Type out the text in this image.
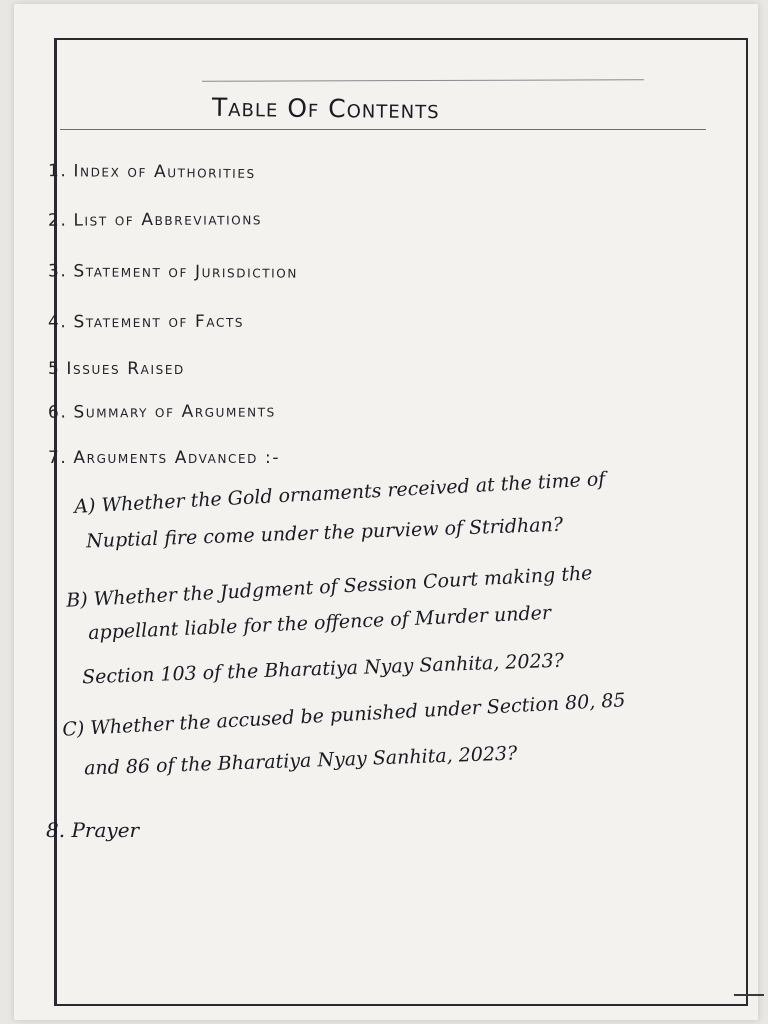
Table Of Contents
1. Index of Authorities
2. List of Abbreviations
3. Statement of Jurisdiction
4. Statement of Facts
5 Issues Raised
6. Summary of Arguments
7. Arguments Advanced :-
A) Whether the Gold ornaments received at the time of
Nuptial fire come under the purview of Stridhan?
B) Whether the Judgment of Session Court making the
appellant liable for the offence of Murder under
Section 103 of the Bharatiya Nyay Sanhita, 2023?
C) Whether the accused be punished under Section 80, 85
and 86 of the Bharatiya Nyay Sanhita, 2023?
8. Prayer
